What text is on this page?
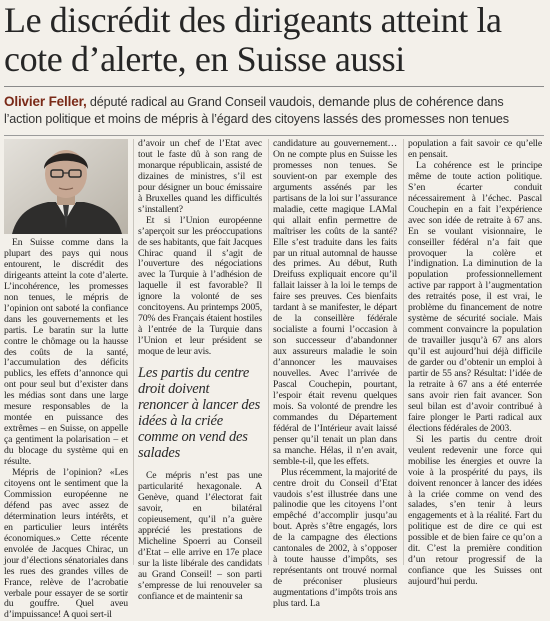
Le discrédit des dirigeants atteint la cote d’alerte, en Suisse aussi

Olivier Feller, député radical au Grand Conseil vaudois, demande plus de cohérence dans l’action politique et moins de mépris à l’égard des citoyens lassés des promesses non tenues

En Suisse comme dans la plupart des pays qui nous entourent, le discrédit des dirigeants atteint la cote d’alerte. L’incohérence, les promesses non tenues, le mépris de l’opinion ont saboté la confiance dans les gouvernements et les partis. Le baratin sur la lutte contre le chômage ou la hausse des coûts de la santé, l’accumulation des déficits publics, les effets d’annonce qui ont pour seul but d’exister dans les médias sont dans une large mesure responsables de la montée en puissance des extrêmes – en Suisse, on appelle ça gentiment la polarisation – et du blocage du système qui en résulte.

Mépris de l’opinion? «Les citoyens ont le sentiment que la Commission européenne ne défend pas avec assez de détermination leurs intérêts, et en particulier leurs intérêts économiques.» Cette récente envolée de Jacques Chirac, un jour d’élections sénatoriales dans les rues des grandes villes de France, relève de l’acrobatie verbale pour essayer de se sortir du gouffre. Quel aveu d’impuissance! A quoi sert-il

d’avoir un chef de l’Etat avec tout le faste dû à son rang de monarque républicain, assisté de dizaines de ministres, s’il est pour désigner un bouc émissaire à Bruxelles quand les difficultés s’installent?

Et si l’Union européenne s’aperçoit sur les préoccupations de ses habitants, que fait Jacques Chirac quand il s’agit de l’ouverture des négociations avec la Turquie à l’adhésion de laquelle il est favorable? Il ignore la volonté de ses concitoyens. Au printemps 2005, 70% des Français étaient hostiles à l’entrée de la Turquie dans l’Union et leur président se moque de leur avis.

Les partis du centre droit doivent renoncer à lancer des idées à la criée comme on vend des salades

Ce mépris n’est pas une particularité hexagonale. A Genève, quand l’électorat fait savoir, en bilatéral copieusement, qu’il n’a guère apprécié les prestations de Micheline Spoerri au Conseil d’Etat – elle arrive en 17e place sur la liste libérale des candidats au Grand Conseil! – son parti s’empresse de lui renouveler sa confiance et de maintenir sa

candidature au gouvernement… On ne compte plus en Suisse les promesses non tenues. Se souvient-on par exemple des arguments assénés par les partisans de la loi sur l’assurance maladie, cette magique LAMal qui allait enfin permettre de maîtriser les coûts de la santé? Elle s’est traduite dans les faits par un ritual automnal de hausse des primes. Au début, Ruth Dreifuss expliquait encore qu’il fallait laisser à la loi le temps de faire ses preuves. Ces bienfaits tardant à se manifester, le départ de la conseillère fédérale socialiste a fourni l’occasion à son successeur d’abandonner aux assureurs maladie le soin d’annoncer les mauvaises nouvelles. Avec l’arrivée de Pascal Couchepin, pourtant, l’espoir était revenu quelques mois. Sa volonté de prendre les commandes du Département fédéral de l’Intérieur avait laissé penser qu’il tenait un plan dans sa manche. Hélas, il n’en avait, semble-t-il, que les effets.

Plus récemment, la majorité de centre droit du Conseil d’Etat vaudois s’est illustrée dans une palinodie que les citoyens l’ont empêché d’accomplir jusqu’au bout. Après s’être engagés, lors de la campagne des élections cantonales de 2002, à s’opposer à toute hausse d’impôts, ses représentants ont trouvé normal de préconiser plusieurs augmentations d’impôts trois ans plus tard. La

population a fait savoir ce qu’elle en pensait.

La cohérence est le principe même de toute action politique. S’en écarter conduit nécessairement à l’échec. Pascal Couchepin en a fait l’expérience avec son idée de retraite à 67 ans. En se voulant visionnaire, le conseiller fédéral n’a fait que provoquer la colère et l’indignation. La diminution de la population professionnellement active par rapport à l’augmentation des retraités pose, il est vrai, le problème du financement de notre système de sécurité sociale. Mais comment convaincre la population de travailler jusqu’à 67 ans alors qu’il est aujourd’hui déjà difficile de garder ou d’obtenir un emploi à partir de 55 ans? Résultat: l’idée de la retraite à 67 ans a été enterrée sans avoir rien fait avancer. Son seul bilan est d’avoir contribué à faire plonger le Parti radical aux élections fédérales de 2003.

Si les partis du centre droit veulent redevenir une force qui mobilise les énergies et ouvre la voie à la prospérité du pays, ils doivent renoncer à lancer des idées à la criée comme on vend des salades, s’en tenir à leurs engagements et à la réalité. Fart du politique est de dire ce qui est possible et de bien faire ce qu’on a dit. C’est la première condition d’un retour progressif de la confiance que les Suisses ont aujourd’hui perdu.
